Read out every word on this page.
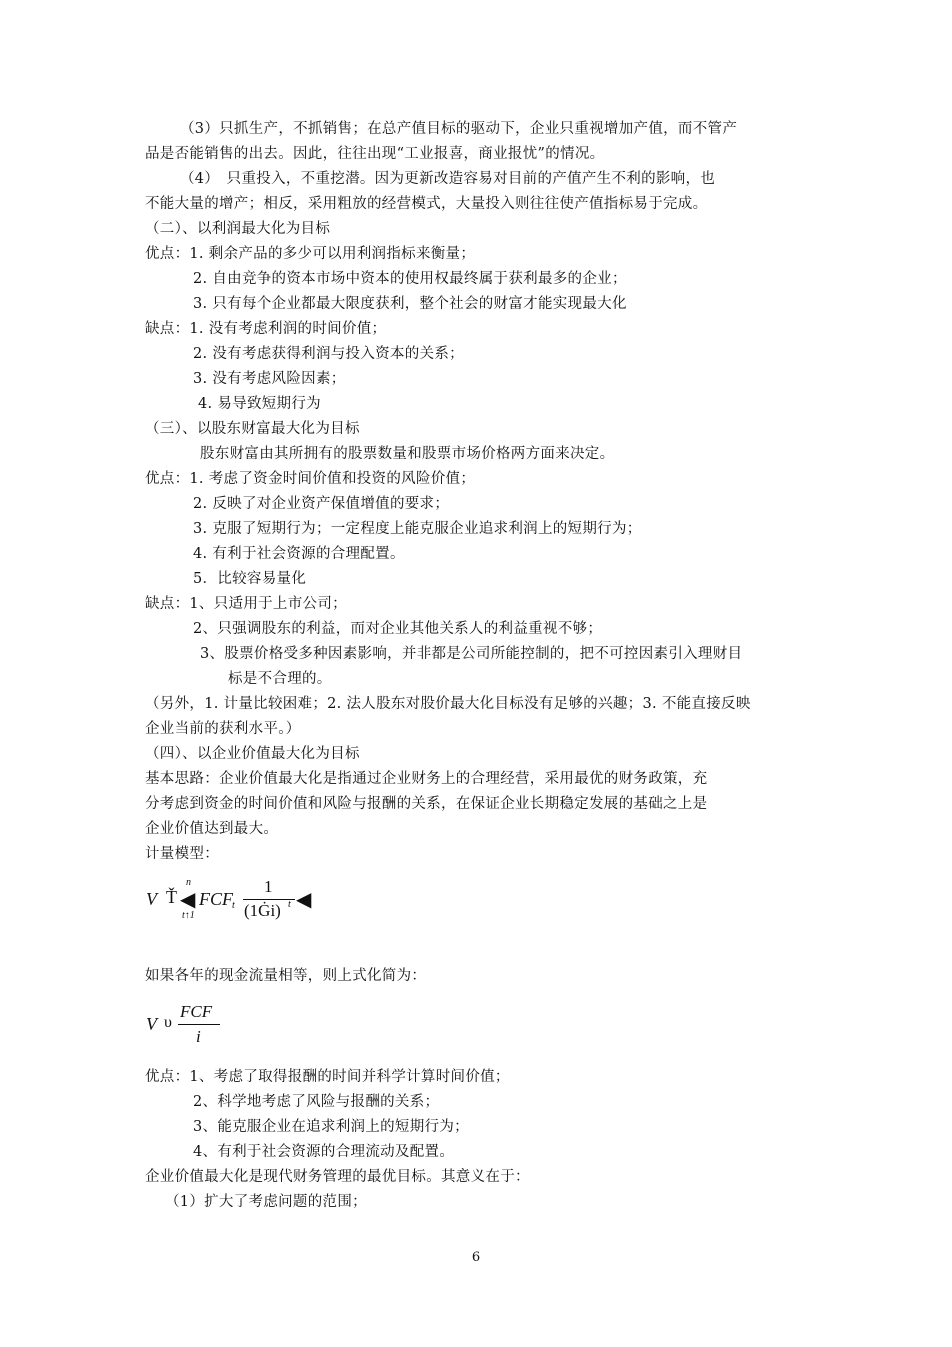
（3）只抓生产，不抓销售；在总产值目标的驱动下，企业只重视增加产值，而不管产
品是否能销售的出去。因此，往往出现“工业报喜，商业报忧”的情况。
（4）　只重投入，不重挖潜。因为更新改造容易对目前的产值产生不利的影响，也
不能大量的增产；相反，采用粗放的经营模式，大量投入则往往使产值指标易于完成。
（二）、以利润最大化为目标
优点：1. 剩余产品的多少可以用利润指标来衡量；
2. 自由竞争的资本市场中资本的使用权最终属于获利最多的企业；
3. 只有每个企业都最大限度获利，整个社会的财富才能实现最大化
缺点：1. 没有考虑利润的时间价值；
2. 没有考虑获得利润与投入资本的关系；
3. 没有考虑风险因素；
4. 易导致短期行为
（三）、以股东财富最大化为目标
股东财富由其所拥有的股票数量和股票市场价格两方面来决定。
优点：1. 考虑了资金时间价值和投资的风险价值；
2. 反映了对企业资产保值增值的要求；
3. 克服了短期行为；一定程度上能克服企业追求利润上的短期行为；
4. 有利于社会资源的合理配置。
5．比较容易量化
缺点：1、只适用于上市公司；
2、只强调股东的利益，而对企业其他关系人的利益重视不够；
3、股票价格受多种因素影响，并非都是公司所能控制的，把不可控因素引入理财目
标是不合理的。
（另外，1. 计量比较困难；2. 法人股东对股价最大化目标没有足够的兴趣；3. 不能直接反映
企业当前的获利水平。）
（四）、以企业价值最大化为目标
基本思路：企业价值最大化是指通过企业财务上的合理经营，采用最优的财务政策，充
分考虑到资金的时间价值和风险与报酬的关系，在保证企业长期稳定发展的基础之上是
企业价值达到最大。
计量模型：
V Ť
n
◀
t↑1
FCF t
1
(1Ġi) t ◀
如果各年的现金流量相等，则上式化简为：
V υ
FCF
i
优点：1、考虑了取得报酬的时间并科学计算时间价值；
2、科学地考虑了风险与报酬的关系；
3、能克服企业在追求利润上的短期行为；
4、有利于社会资源的合理流动及配置。
企业价值最大化是现代财务管理的最优目标。其意义在于：
（1）扩大了考虑问题的范围；
6
